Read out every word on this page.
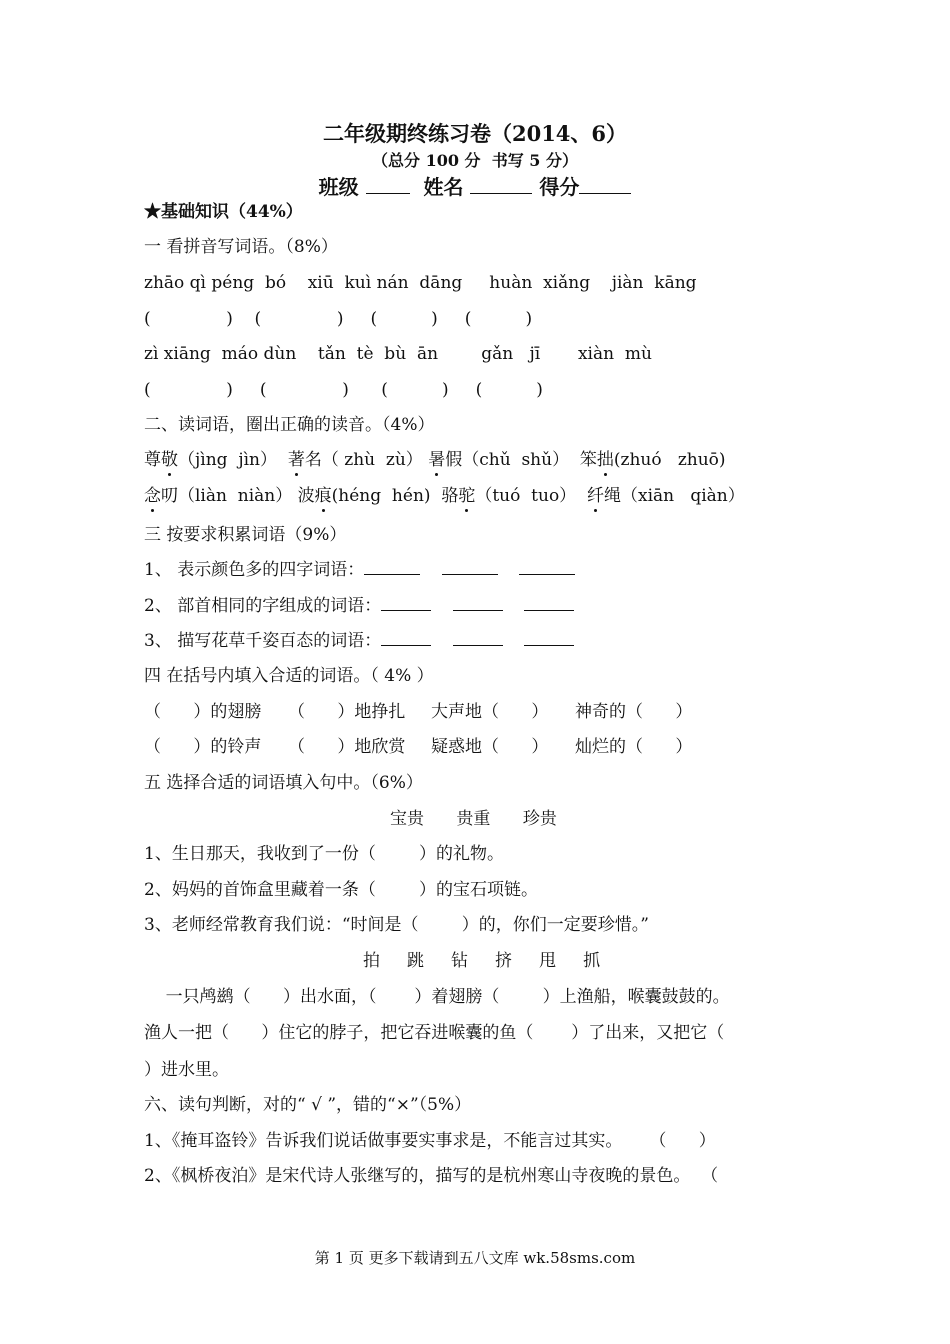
二年级期终练习卷（2014、6）
（总分 100 分  书写 5 分）
班级	姓名	得分
★基础知识（44%）
一 看拼音写词语。（8%）
zhāo qì péng  bó    xiū  kuì nán  dāng     huàn  xiǎng    jiàn  kāng
(              )    (              )     (          )     (          )
zì xiāng  máo dùn    tǎn  tè  bù  ān        gǎn   jī       xiàn  mù
(              )     (              )      (          )     (          )
二、读词语，圈出正确的读音。（4%）
尊敬（jìng  jìn） 著名（ zhù  zù） 暑假（chǔ  shǔ） 笨拙(zhuó   zhuō)
念叨（liàn  niàn） 波痕(héng  hén) 骆驼（tuó  tuo） 纤绳（xiān   qiàn）
三 按要求积累词语（9%）
1、 表示颜色多的四字词语：
2、 部首相同的字组成的词语：
3、 描写花草千姿百态的词语：
四 在括号内填入合适的词语。（ 4% ）
（      ）的翅膀 （      ）地挣扎 大声地（      ） 神奇的（      ）
（      ）的铃声 （      ）地欣赏 疑惑地（      ） 灿烂的（      ）
五 选择合适的词语填入句中。（6%）
宝贵      贵重      珍贵
1、生日那天，我收到了一份（        ）的礼物。
2、妈妈的首饰盒里藏着一条（        ）的宝石项链。
3、老师经常教育我们说：“时间是（        ）的，你们一定要珍惜。”
拍     跳     钻     挤     甩     抓
一只鸬鹚（      ）出水面，（       ）着翅膀（        ）上渔船，喉囊鼓鼓的。
渔人一把（      ）住它的脖子，把它吞进喉囊的鱼（       ）了出来，又把它（
）进水里。
六、读句判断，对的“ √ ”，错的“×”（5%）
1、《掩耳盗铃》告诉我们说话做事要实事求是，不能言过其实。     （      ）
2、《枫桥夜泊》是宋代诗人张继写的，描写的是杭州寒山寺夜晚的景色。  （
第 1 页 更多下载请到五八文库 wk.58sms.com
